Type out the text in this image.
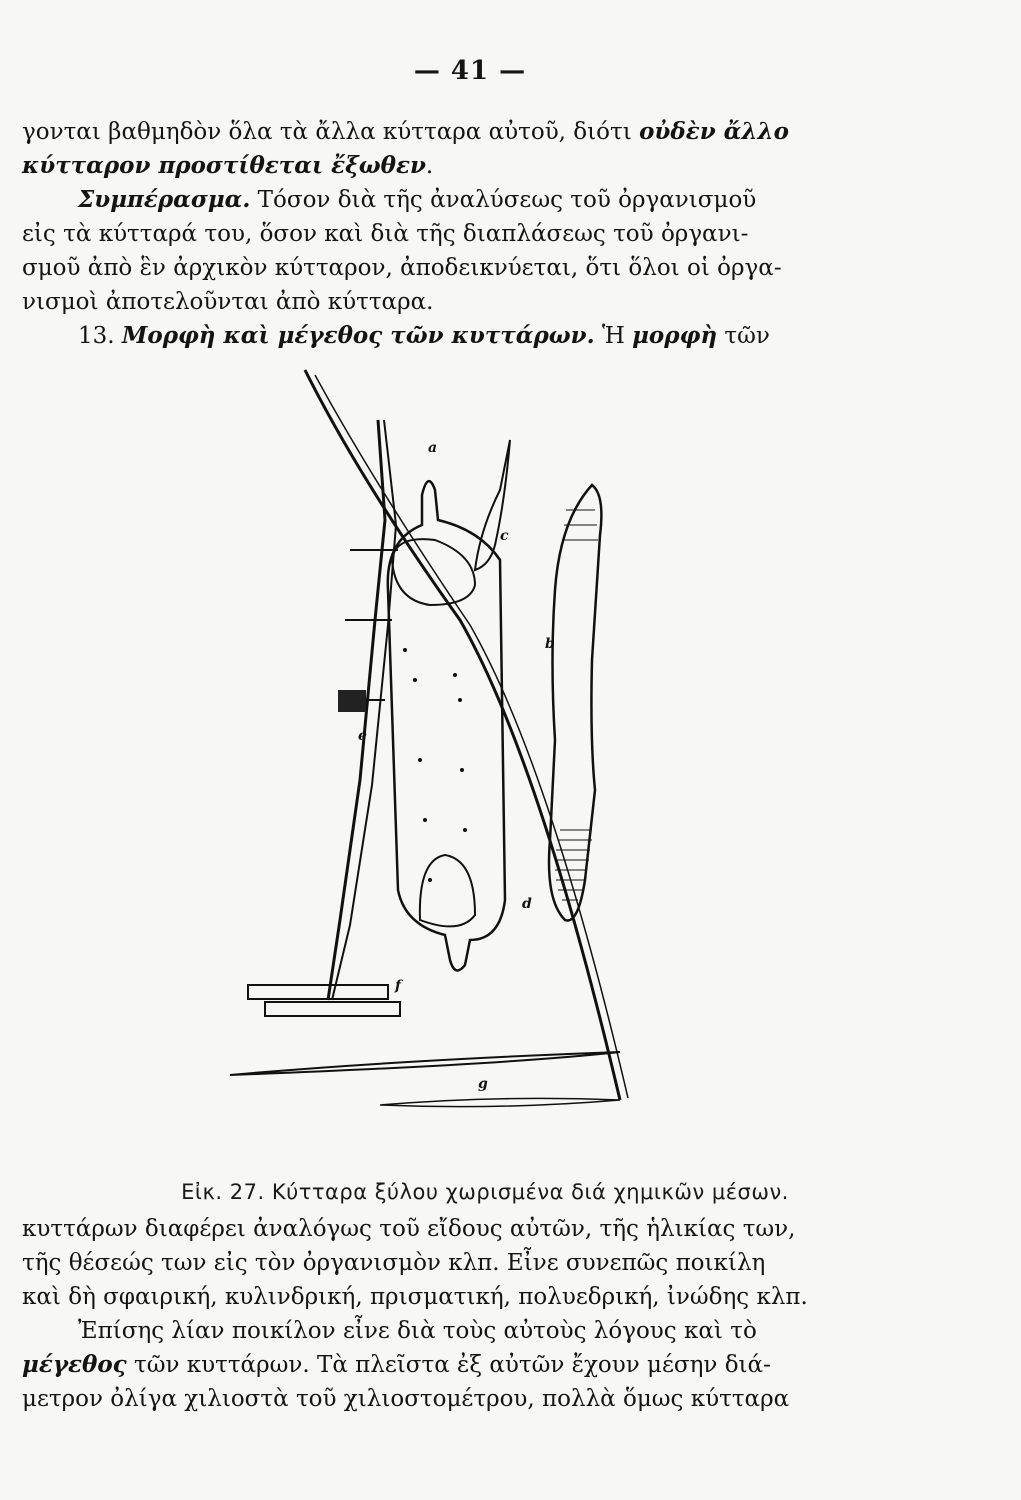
— 41 —

γονται βαθμηδὸν ὅλα τὰ ἄλλα κύτταρα αὐτοῦ, διότι οὐδὲν ἄλλο
κύτταρον προστίθεται ἔξωθεν.
Συμπέρασμα. Τόσον διὰ τῆς ἀναλύσεως τοῦ ὀργανισμοῦ
εἰς τὰ κύτταρά του, ὅσον καὶ διὰ τῆς διαπλάσεως τοῦ ὀργανι-
σμοῦ ἀπὸ ἓν ἀρχικὸν κύτταρον, ἀποδεικνύεται, ὅτι ὅλοι οἱ ὀργα-
νισμοὶ ἀποτελοῦνται ἀπὸ κύτταρα.
13. Μορφὴ καὶ μέγεθος τῶν κυττάρων. Ἡ μορφὴ τῶν

a
b
c
d
e
f
g
Εἰκ. 27. Κύτταρα ξύλου χωρισμένα διά χημικῶν μέσων.

κυττάρων διαφέρει ἀναλόγως τοῦ εἴδους αὐτῶν, τῆς ἡλικίας των,
τῆς θέσεώς των εἰς τὸν ὀργανισμὸν κλπ. Εἶνε συνεπῶς ποικίλη
καὶ δὴ σφαιρική, κυλινδρική, πρισματική, πολυεδρική, ἰνώδης κλπ.
Ἐπίσης λίαν ποικίλον εἶνε διὰ τοὺς αὐτοὺς λόγους καὶ τὸ
μέγεθος τῶν κυττάρων. Τὰ πλεῖστα ἐξ αὐτῶν ἔχουν μέσην διά-
μετρον ὀλίγα χιλιοστὰ τοῦ χιλιοστομέτρου, πολλὰ ὅμως κύτταρα
